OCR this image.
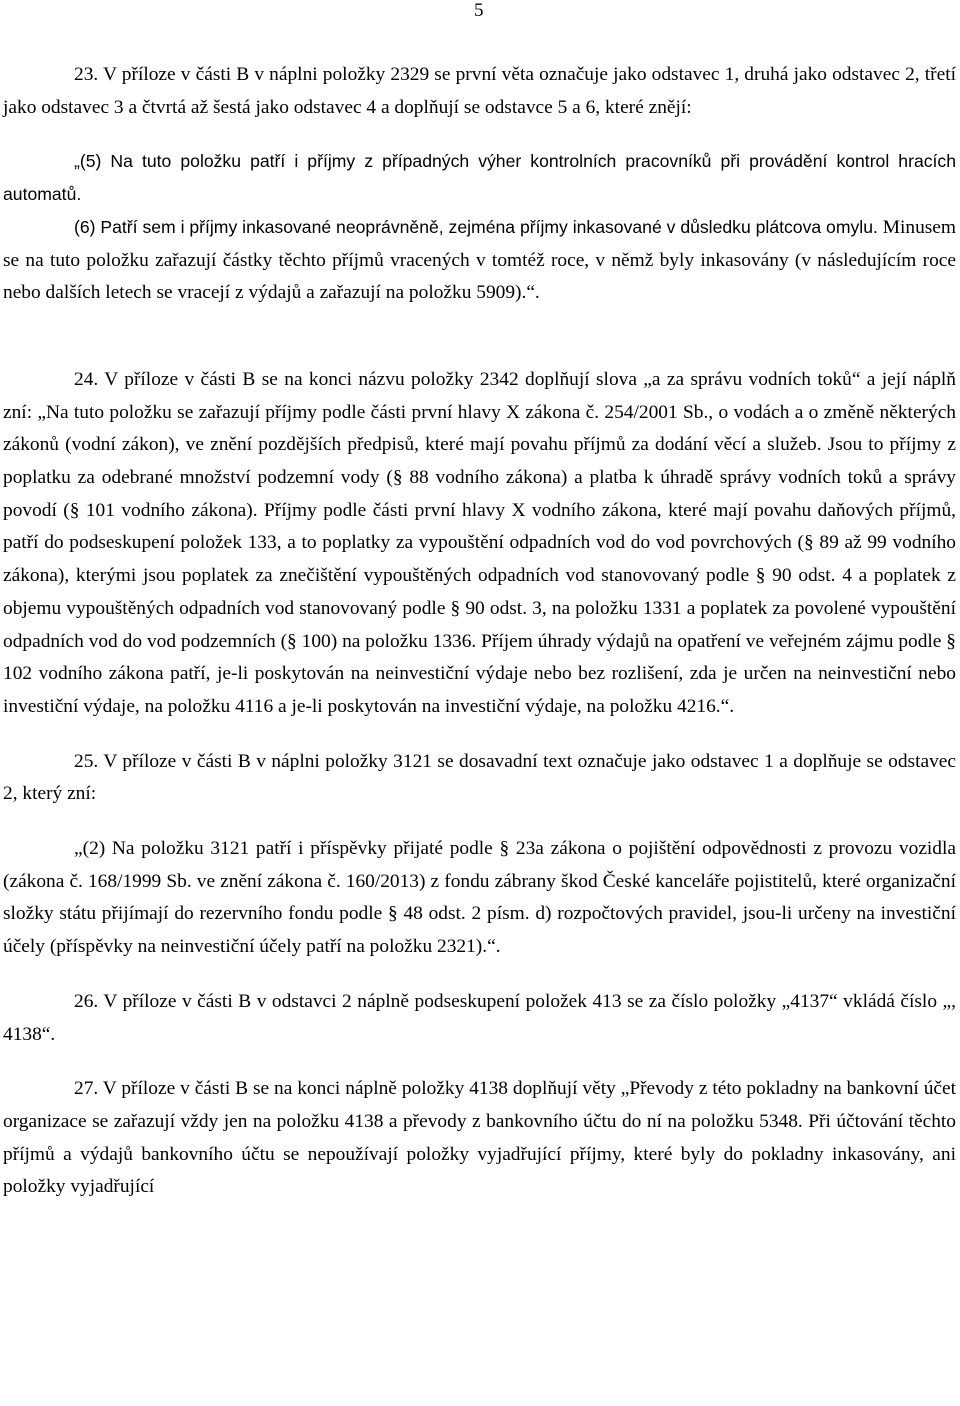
5

23. V příloze v části B v náplni položky 2329 se první věta označuje jako odstavec 1, druhá jako odstavec 2, třetí jako odstavec 3 a čtvrtá až šestá jako odstavec 4 a doplňují se odstavce 5 a 6, které znějí:

„(5) Na tuto položku patří i příjmy z případných výher kontrolních pracovníků při provádění kontrol hracích automatů.

(6) Patří sem i příjmy inkasované neoprávněně, zejména příjmy inkasované v důsledku plátcova omylu. Minusem se na tuto položku zařazují částky těchto příjmů vracených v tomtéž roce, v němž byly inkasovány (v následujícím roce nebo dalších letech se vracejí z výdajů a zařazují na položku 5909).“.

24. V příloze v části B se na konci názvu položky 2342 doplňují slova „a za správu vodních toků“ a její náplň zní: „Na tuto položku se zařazují příjmy podle části první hlavy X zákona č. 254/2001 Sb., o vodách a o změně některých zákonů (vodní zákon), ve znění pozdějších předpisů, které mají povahu příjmů za dodání věcí a služeb. Jsou to příjmy z poplatku za odebrané množství podzemní vody (§ 88 vodního zákona) a platba k úhradě správy vodních toků a správy povodí (§ 101 vodního zákona). Příjmy podle části první hlavy X vodního zákona, které mají povahu daňových příjmů, patří do podseskupení položek 133, a to poplatky za vypouštění odpadních vod do vod povrchových (§ 89 až 99 vodního zákona), kterými jsou poplatek za znečištění vypouštěných odpadních vod stanovovaný podle § 90 odst. 4 a poplatek z objemu vypouštěných odpadních vod stanovovaný podle § 90 odst. 3, na položku 1331 a poplatek za povolené vypouštění odpadních vod do vod podzemních (§ 100) na položku 1336. Příjem úhrady výdajů na opatření ve veřejném zájmu podle § 102 vodního zákona patří, je-li poskytován na neinvestiční výdaje nebo bez rozlišení, zda je určen na neinvestiční nebo investiční výdaje, na položku 4116 a je-li poskytován na investiční výdaje, na položku 4216.“.

25. V příloze v části B v náplni položky 3121 se dosavadní text označuje jako odstavec 1 a doplňuje se odstavec 2, který zní:

„(2) Na položku 3121 patří i příspěvky přijaté podle § 23a zákona o pojištění odpovědnosti z provozu vozidla (zákona č. 168/1999 Sb. ve znění zákona č. 160/2013) z fondu zábrany škod České kanceláře pojistitelů, které organizační složky státu přijímají do rezervního fondu podle § 48 odst. 2 písm. d) rozpočtových pravidel, jsou-li určeny na investiční účely (příspěvky na neinvestiční účely patří na položku 2321).“.

26. V příloze v části B v odstavci 2 náplně podseskupení položek 413 se za číslo položky „4137“ vkládá číslo „, 4138“.

27. V příloze v části B se na konci náplně položky 4138 doplňují věty „Převody z této pokladny na bankovní účet organizace se zařazují vždy jen na položku 4138 a převody z bankovního účtu do ní na položku 5348. Při účtování těchto příjmů a výdajů bankovního účtu se nepoužívají položky vyjadřující příjmy, které byly do pokladny inkasovány, ani položky vyjadřující
